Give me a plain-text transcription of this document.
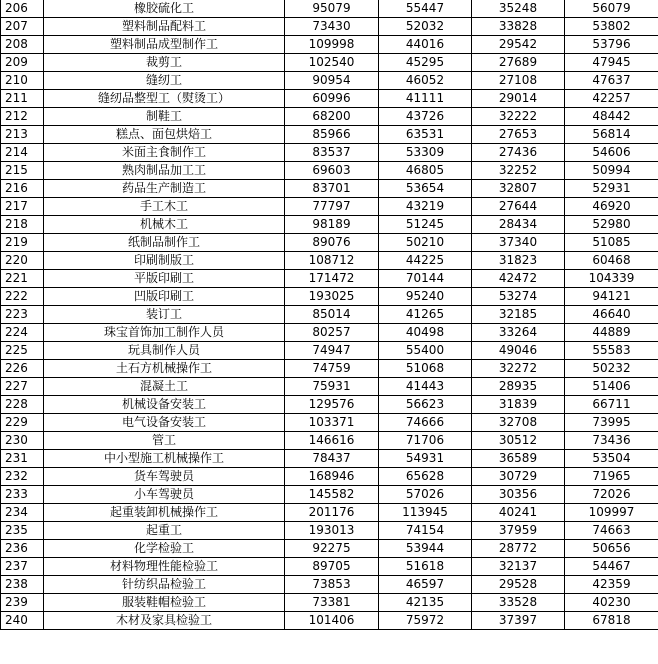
206	橡胶硫化工	95079	55447	35248	56079
207	塑料制品配料工	73430	52032	33828	53802
208	塑料制品成型制作工	109998	44016	29542	53796
209	裁剪工	102540	45295	27689	47945
210	缝纫工	90954	46052	27108	47637
211	缝纫品整型工（熨烫工）	60996	41111	29014	42257
212	制鞋工	68200	43726	32222	48442
213	糕点、面包烘焙工	85966	63531	27653	56814
214	米面主食制作工	83537	53309	27436	54606
215	熟肉制品加工工	69603	46805	32252	50994
216	药品生产制造工	83701	53654	32807	52931
217	手工木工	77797	43219	27644	46920
218	机械木工	98189	51245	28434	52980
219	纸制品制作工	89076	50210	37340	51085
220	印刷制版工	108712	44225	31823	60468
221	平版印刷工	171472	70144	42472	104339
222	凹版印刷工	193025	95240	53274	94121
223	装订工	85014	41265	32185	46640
224	珠宝首饰加工制作人员	80257	40498	33264	44889
225	玩具制作人员	74947	55400	49046	55583
226	土石方机械操作工	74759	51068	32272	50232
227	混凝土工	75931	41443	28935	51406
228	机械设备安装工	129576	56623	31839	66711
229	电气设备安装工	103371	74666	32708	73995
230	管工	146616	71706	30512	73436
231	中小型施工机械操作工	78437	54931	36589	53504
232	货车驾驶员	168946	65628	30729	71965
233	小车驾驶员	145582	57026	30356	72026
234	起重装卸机械操作工	201176	113945	40241	109997
235	起重工	193013	74154	37959	74663
236	化学检验工	92275	53944	28772	50656
237	材料物理性能检验工	89705	51618	32137	54467
238	针纺织品检验工	73853	46597	29528	42359
239	服装鞋帽检验工	73381	42135	33528	40230
240	木材及家具检验工	101406	75972	37397	67818
